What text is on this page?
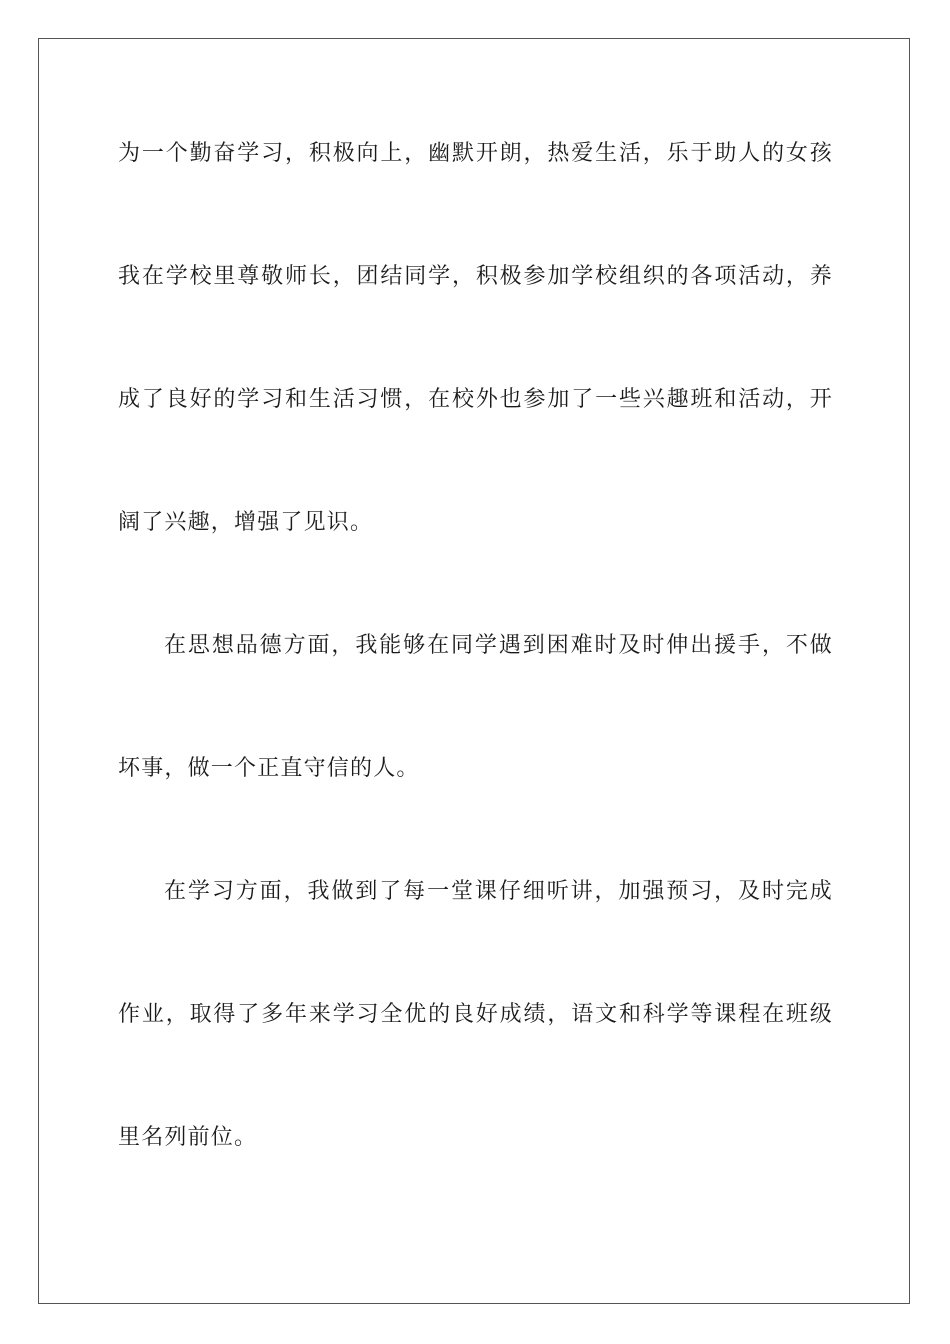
为一个勤奋学习，积极向上，幽默开朗，热爱生活，乐于助人的女孩
我在学校里尊敬师长，团结同学，积极参加学校组织的各项活动，养
成了良好的学习和生活习惯，在校外也参加了一些兴趣班和活动，开
阔了兴趣，增强了见识。
在思想品德方面，我能够在同学遇到困难时及时伸出援手，不做
坏事，做一个正直守信的人。
在学习方面，我做到了每一堂课仔细听讲，加强预习，及时完成
作业，取得了多年来学习全优的良好成绩，语文和科学等课程在班级
里名列前位。
